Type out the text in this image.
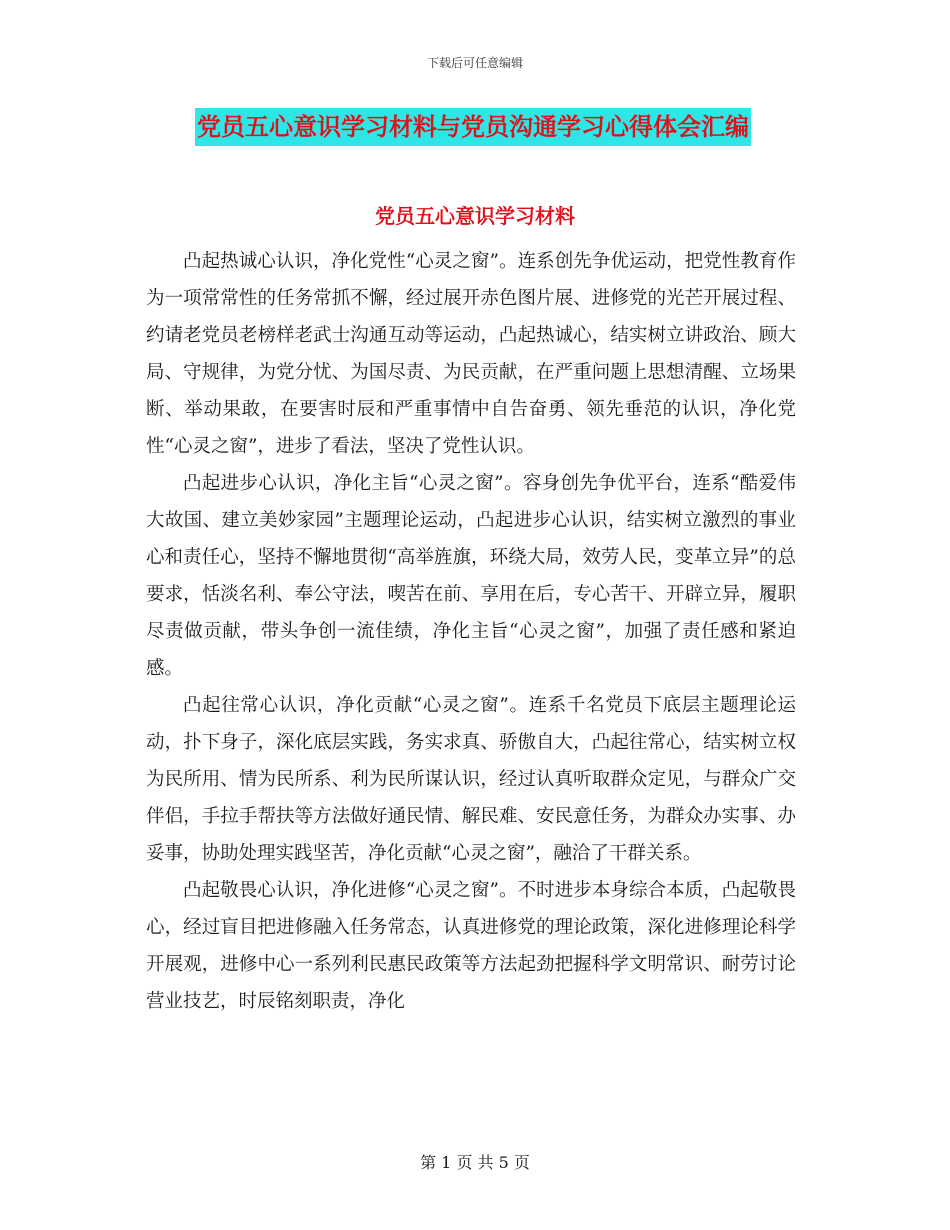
下载后可任意编辑
党员五心意识学习材料与党员沟通学习心得体会汇编
党员五心意识学习材料

凸起热诚心认识，净化党性“心灵之窗”。连系创先争优运动，把党性教育作为一项常常性的任务常抓不懈，经过展开赤色图片展、进修党的光芒开展过程、约请老党员老榜样老武士沟通互动等运动，凸起热诚心，结实树立讲政治、顾大局、守规律，为党分忧、为国尽责、为民贡献，在严重问题上思想清醒、立场果断、举动果敢，在要害时辰和严重事情中自告奋勇、领先垂范的认识，净化党性“心灵之窗”，进步了看法，坚决了党性认识。

凸起进步心认识，净化主旨“心灵之窗”。容身创先争优平台，连系“酷爱伟大故国、建立美妙家园”主题理论运动，凸起进步心认识，结实树立激烈的事业心和责任心，坚持不懈地贯彻“高举旌旗，环绕大局，效劳人民，变革立异”的总要求，恬淡名利、奉公守法，喫苦在前、享用在后，专心苦干、开辟立异，履职尽责做贡献，带头争创一流佳绩，净化主旨“心灵之窗”，加强了责任感和紧迫感。

凸起往常心认识，净化贡献“心灵之窗”。连系千名党员下底层主题理论运动，扑下身子，深化底层实践，务实求真、骄傲自大，凸起往常心，结实树立权为民所用、情为民所系、利为民所谋认识，经过认真听取群众定见，与群众广交伴侣，手拉手帮扶等方法做好通民情、解民难、安民意任务，为群众办实事、办妥事，协助处理实践坚苦，净化贡献“心灵之窗”，融洽了干群关系。

凸起敬畏心认识，净化进修“心灵之窗”。不时进步本身综合本质，凸起敬畏心，经过盲目把进修融入任务常态，认真进修党的理论政策，深化进修理论科学开展观，进修中心一系列利民惠民政策等方法起劲把握科学文明常识、耐劳讨论营业技艺，时辰铭刻职责，净化

第 1 页 共 5 页
